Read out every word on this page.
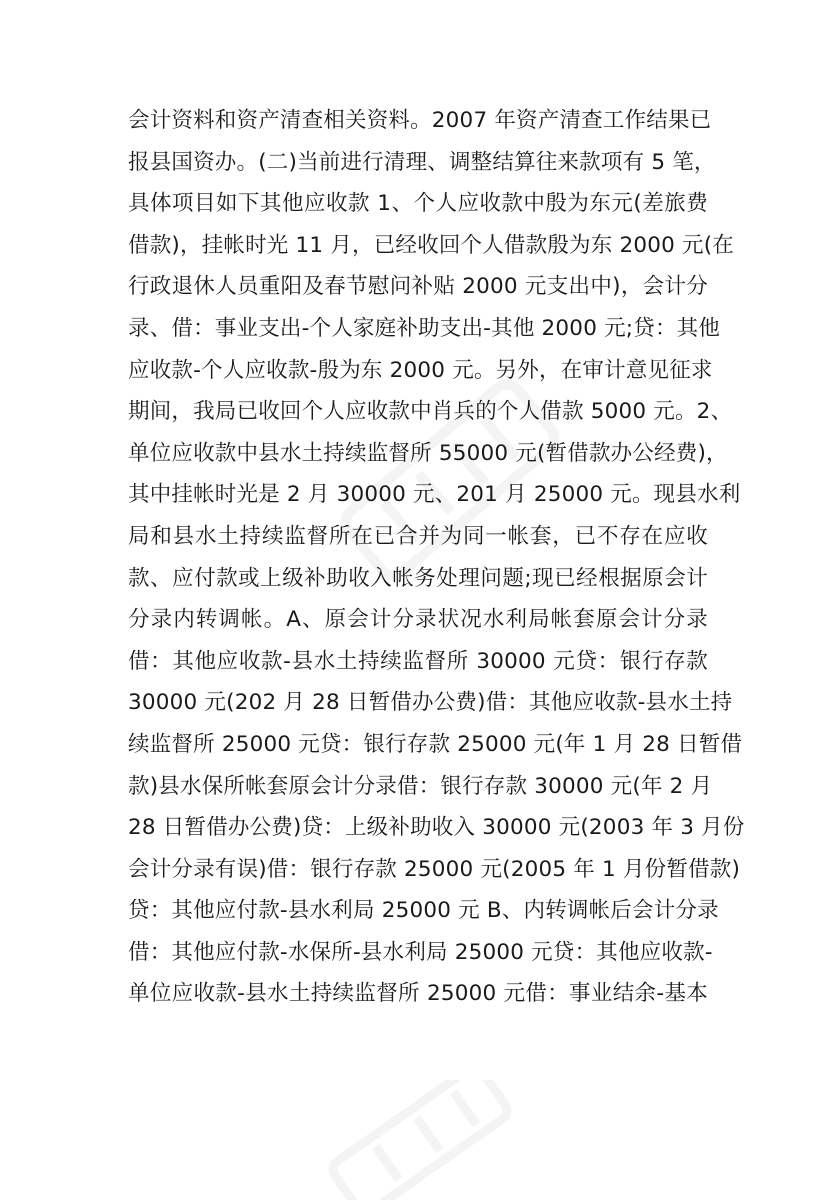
会计资料和资产清查相关资料。2007 年资产清查工作结果已
报县国资办。(二)当前进行清理、调整结算往来款项有 5 笔，
具体项目如下其他应收款 1、个人应收款中殷为东元(差旅费
借款)，挂帐时光 11 月，已经收回个人借款殷为东 2000 元(在
行政退休人员重阳及春节慰问补贴 2000 元支出中)，会计分
录、借：事业支出-个人家庭补助支出-其他 2000 元;贷：其他
应收款-个人应收款-殷为东 2000 元。另外，在审计意见征求
期间，我局已收回个人应收款中肖兵的个人借款 5000 元。2、
单位应收款中县水土持续监督所 55000 元(暂借款办公经费)，
其中挂帐时光是 2 月 30000 元、201 月 25000 元。现县水利
局和县水土持续监督所在已合并为同一帐套，已不存在应收
款、应付款或上级补助收入帐务处理问题;现已经根据原会计
分录内转调帐。A、原会计分录状况水利局帐套原会计分录
借：其他应收款-县水土持续监督所 30000 元贷：银行存款
30000 元(202 月 28 日暂借办公费)借：其他应收款-县水土持
续监督所 25000 元贷：银行存款 25000 元(年 1 月 28 日暂借
款)县水保所帐套原会计分录借：银行存款 30000 元(年 2 月
28 日暂借办公费)贷：上级补助收入 30000 元(2003 年 3 月份
会计分录有误)借：银行存款 25000 元(2005 年 1 月份暂借款)
贷：其他应付款-县水利局 25000 元 B、内转调帐后会计分录
借：其他应付款-水保所-县水利局 25000 元贷：其他应收款-
单位应收款-县水土持续监督所 25000 元借：事业结余-基本
